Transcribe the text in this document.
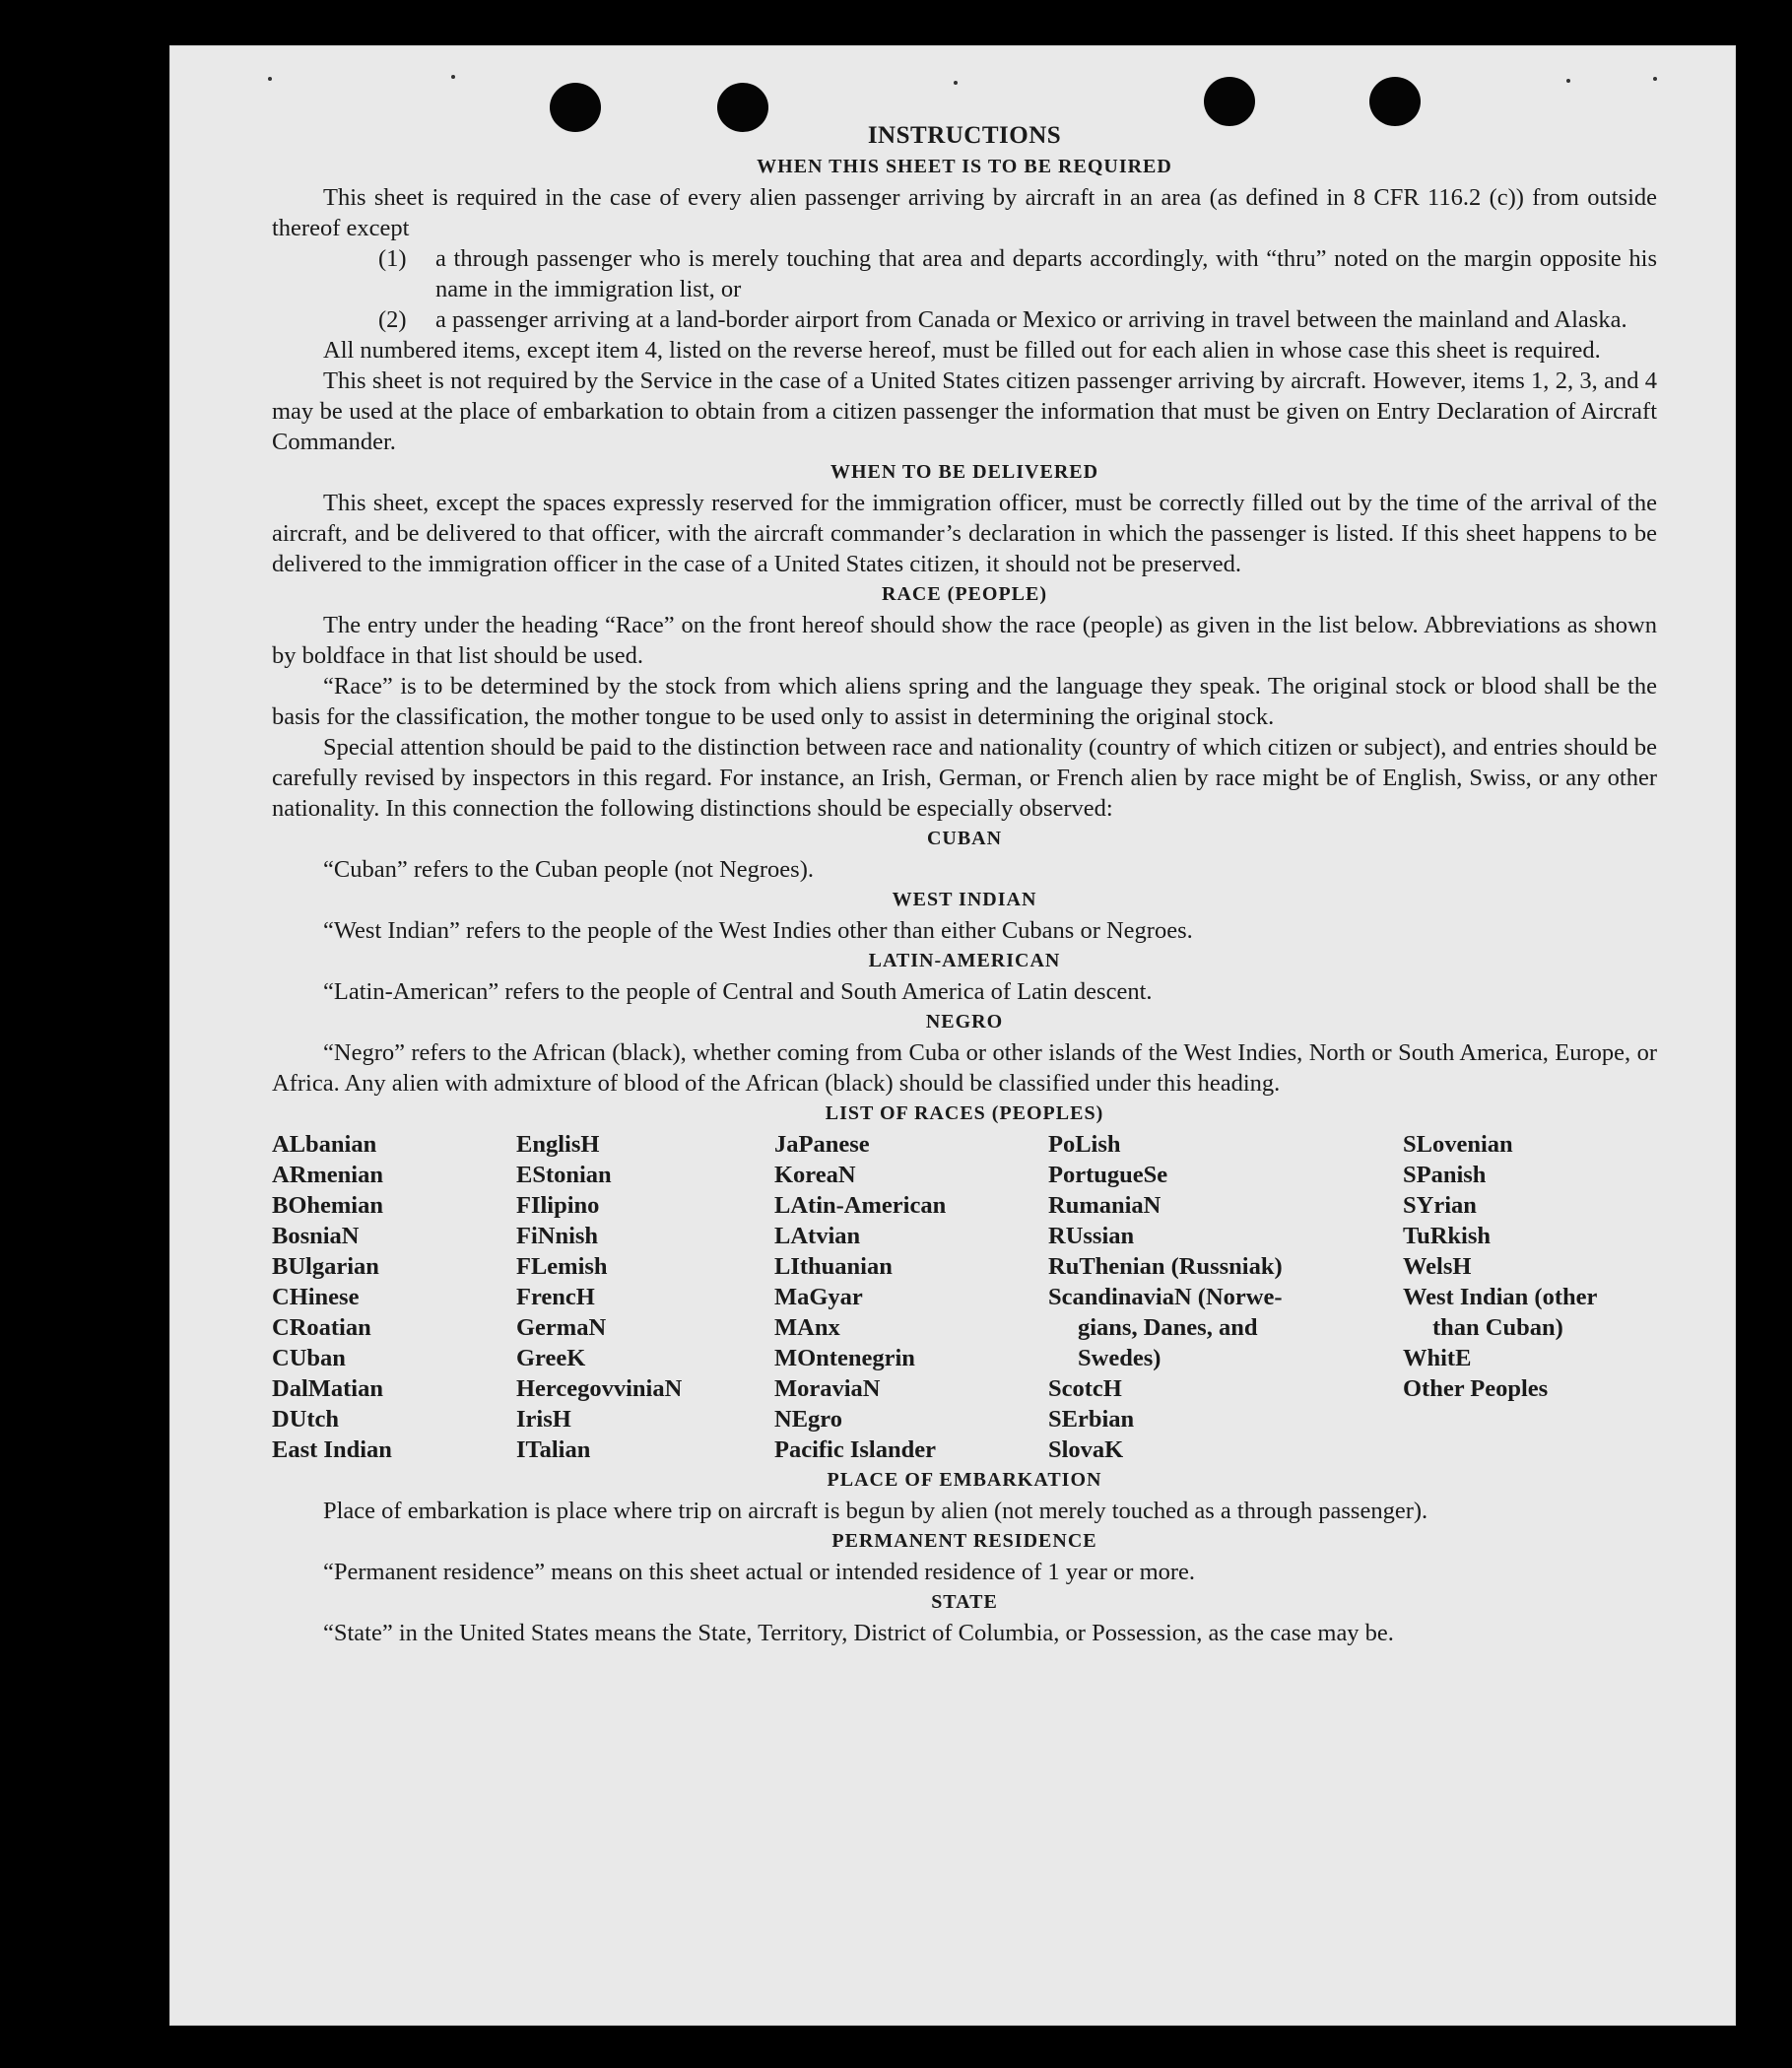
INSTRUCTIONS
WHEN THIS SHEET IS TO BE REQUIRED

This sheet is required in the case of every alien passenger arriving by aircraft in an area (as defined in 8 CFR 116.2 (c)) from outside thereof except

(1)	a through passenger who is merely touching that area and departs accordingly, with “thru” noted on the margin opposite his name in the immigration list, or
(2)	a passenger arriving at a land-border airport from Canada or Mexico or arriving in travel between the mainland and Alaska.

All numbered items, except item 4, listed on the reverse hereof, must be filled out for each alien in whose case this sheet is required.

This sheet is not required by the Service in the case of a United States citizen passenger arriving by aircraft. However, items 1, 2, 3, and 4 may be used at the place of embarkation to obtain from a citizen passenger the information that must be given on Entry Declaration of Aircraft Commander.

WHEN TO BE DELIVERED

This sheet, except the spaces expressly reserved for the immigration officer, must be correctly filled out by the time of the arrival of the aircraft, and be delivered to that officer, with the aircraft commander’s declaration in which the passenger is listed. If this sheet happens to be delivered to the immigration officer in the case of a United States citizen, it should not be preserved.

RACE (PEOPLE)

The entry under the heading “Race” on the front hereof should show the race (people) as given in the list below. Abbreviations as shown by boldface in that list should be used.

“Race” is to be determined by the stock from which aliens spring and the language they speak. The original stock or blood shall be the basis for the classification, the mother tongue to be used only to assist in determining the original stock.

Special attention should be paid to the distinction between race and nationality (country of which citizen or subject), and entries should be carefully revised by inspectors in this regard. For instance, an Irish, German, or French alien by race might be of English, Swiss, or any other nationality. In this connection the following distinctions should be especially observed:

CUBAN

“Cuban” refers to the Cuban people (not Negroes).

WEST INDIAN

“West Indian” refers to the people of the West Indies other than either Cubans or Negroes.

LATIN-AMERICAN

“Latin-American” refers to the people of Central and South America of Latin descent.

NEGRO

“Negro” refers to the African (black), whether coming from Cuba or other islands of the West Indies, North or South America, Europe, or Africa. Any alien with admixture of blood of the African (black) should be classified under this heading.

LIST OF RACES (PEOPLES)
ALbanian
ARmenian
BOhemian
BosniaN
BUlgarian
CHinese
CRoatian
CUban
DalMatian
DUtch
East Indian
EnglisH
EStonian
FIlipino
FiNnish
FLemish
FrencH
GermaN
GreeK
HercegovviniaN
IrisH
ITalian
JaPanese
KoreaN
LAtin-American
LAtvian
LIthuanian
MaGyar
MAnx
MOntenegrin
MoraviaN
NEgro
Pacific Islander
PoLish
PortugueSe
RumaniaN
RUssian
RuThenian (Russniak)
ScandinaviaN (Norwe-
gians, Danes, and
Swedes)
ScotcH
SErbian
SlovaK
SLovenian
SPanish
SYrian
TuRkish
WelsH
West Indian (other
than Cuban)
WhitE
Other Peoples
PLACE OF EMBARKATION

Place of embarkation is place where trip on aircraft is begun by alien (not merely touched as a through passenger).

PERMANENT RESIDENCE

“Permanent residence” means on this sheet actual or intended residence of 1 year or more.

STATE

“State” in the United States means the State, Territory, District of Columbia, or Possession, as the case may be.
